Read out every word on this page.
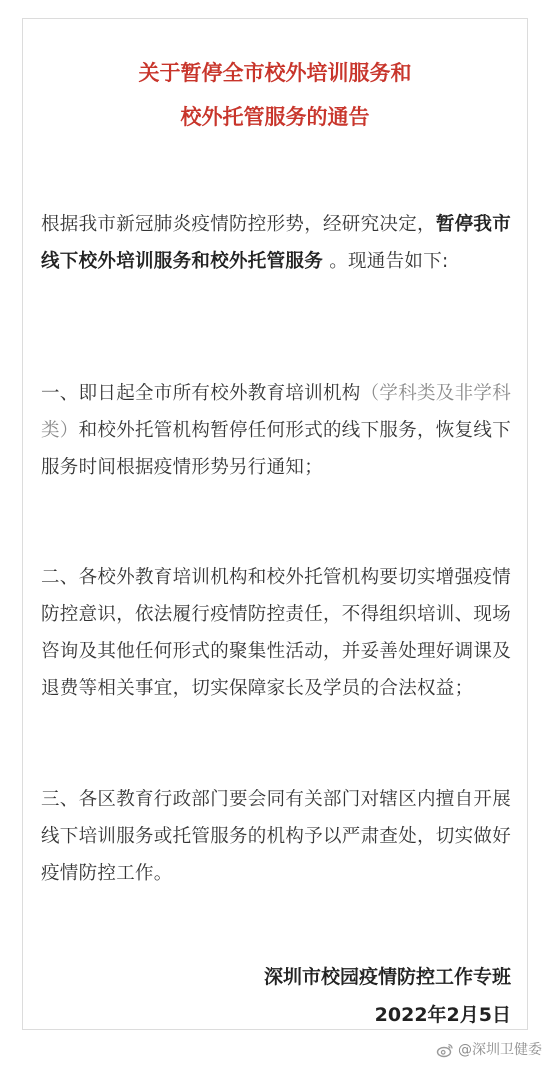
关于暂停全市校外培训服务和
校外托管服务的通告

根据我市新冠肺炎疫情防控形势，经研究决定，暂停我市线下校外培训服务和校外托管服务 。现通告如下:

一、即日起全市所有校外教育培训机构（学科类及非学科类）和校外托管机构暂停任何形式的线下服务，恢复线下服务时间根据疫情形势另行通知；

二、各校外教育培训机构和校外托管机构要切实增强疫情防控意识，依法履行疫情防控责任，不得组织培训、现场咨询及其他任何形式的聚集性活动，并妥善处理好调课及退费等相关事宜，切实保障家长及学员的合法权益；

三、各区教育行政部门要会同有关部门对辖区内擅自开展线下培训服务或托管服务的机构予以严肃查处，切实做好疫情防控工作。

深圳市校园疫情防控工作专班

2022年2月5日

@深圳卫健委
